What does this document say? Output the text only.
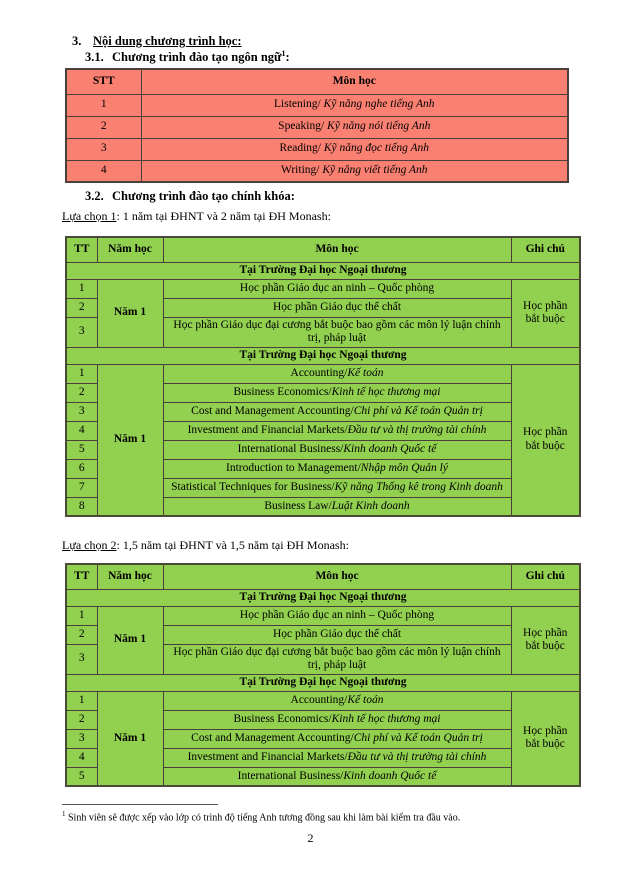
3. Nội dung chương trình học:
3.1. Chương trình đào tạo ngôn ngữ$^1$:
STT	Môn học
1	Listening/ Kỹ năng nghe tiếng Anh
2	Speaking/ Kỹ năng nói tiếng Anh
3	Reading/ Kỹ năng đọc tiếng Anh
4	Writing/ Kỹ năng viết tiếng Anh
3.2. Chương trình đào tạo chính khóa:
Lựa chọn 1: 1 năm tại ĐHNT và 2 năm tại ĐH Monash:
TT	Năm học	Môn học	Ghi chú
Tại Trường Đại học Ngoại thương			
1	Năm 1	Học phần Giáo dục an ninh – Quốc phòng	Học phần bắt buộc
2		Học phần Giáo dục thể chất	
3		Học phần Giáo dục đại cương bắt buộc bao gồm các môn lý luận chính trị, pháp luật	
Tại Trường Đại học Ngoại thương			
1	Năm 1	Accounting/Kế toán	Học phần bắt buộc
2		Business Economics/Kinh tế học thương mại	
3		Cost and Management Accounting/Chi phí và Kế toán Quản trị	
4		Investment and Financial Markets/Đầu tư và thị trường tài chính	
5		International Business/Kinh doanh Quốc tế	
6		Introduction to Management/Nhập môn Quản lý	
7		Statistical Techniques for Business/Kỹ năng Thống kê trong Kinh doanh	
8		Business Law/Luật Kinh doanh	
Lựa chọn 2: 1,5 năm tại ĐHNT và 1,5 năm tại ĐH Monash:
TT	Năm học	Môn học	Ghi chú
Tại Trường Đại học Ngoại thương			
1	Năm 1	Học phần Giáo dục an ninh – Quốc phòng	Học phần bắt buộc
2		Học phần Giáo dục thể chất	
3		Học phần Giáo dục đại cương bắt buộc bao gồm các môn lý luận chính trị, pháp luật	
Tại Trường Đại học Ngoại thương			
1	Năm 1	Accounting/Kế toán	Học phần bắt buộc
2		Business Economics/Kinh tế học thương mại	
3		Cost and Management Accounting/Chi phí và Kế toán Quản trị	
4		Investment and Financial Markets/Đầu tư và thị trường tài chính	
5		International Business/Kinh doanh Quốc tế	
$^1$ Sinh viên sẽ được xếp vào lớp có trình độ tiếng Anh tương đồng sau khi làm bài kiểm tra đầu vào.
2
